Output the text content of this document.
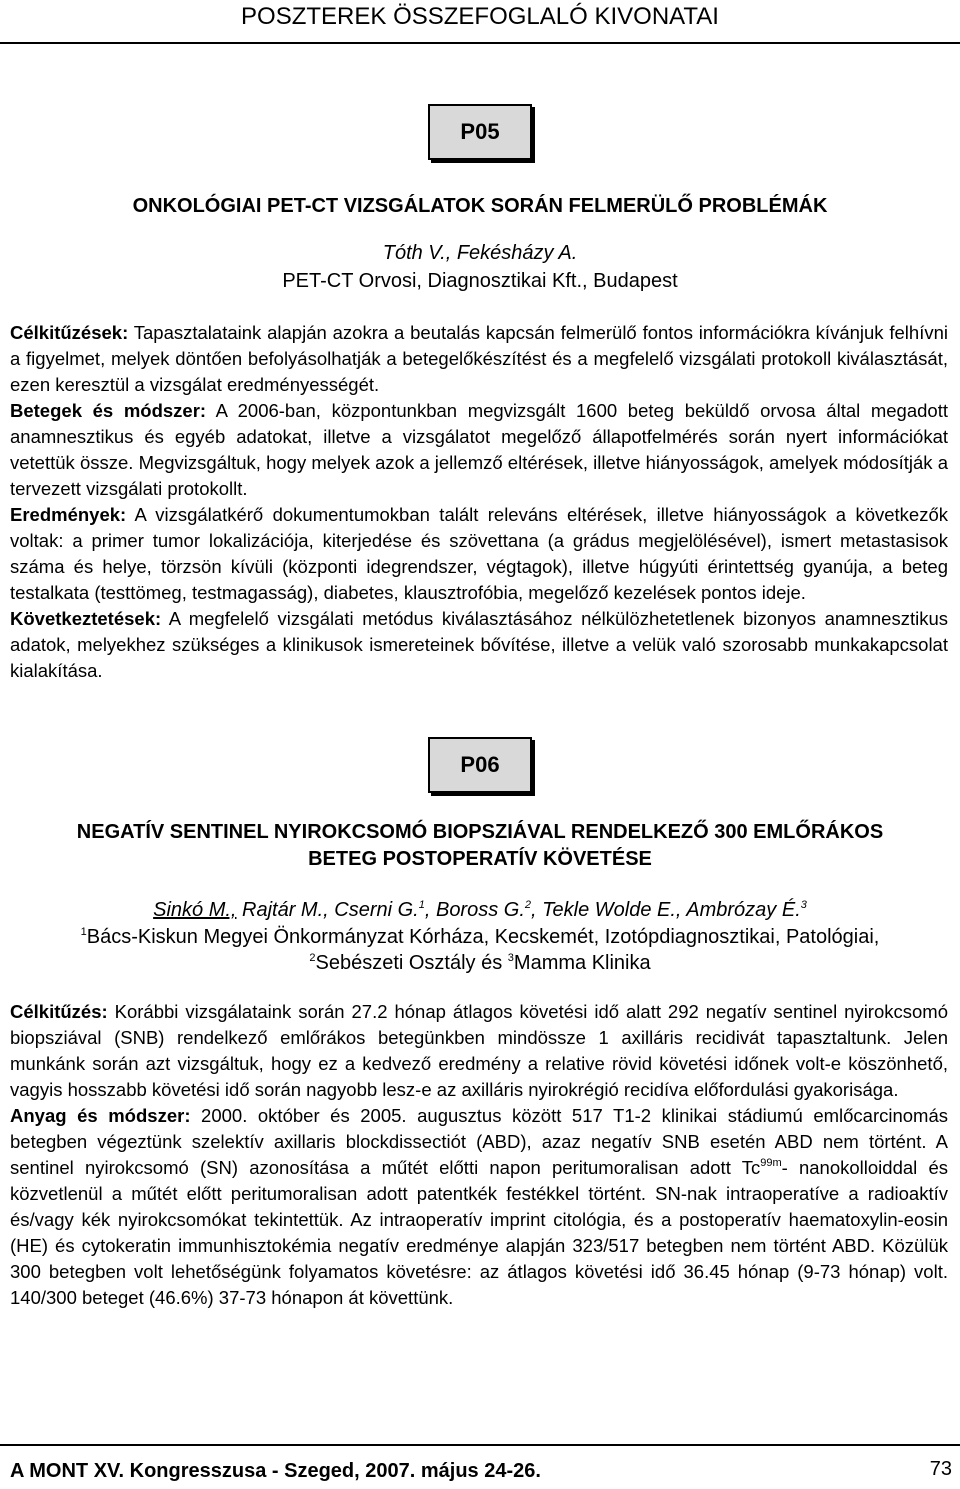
POSZTEREK ÖSSZEFOGLALÓ KIVONATAI
P05
ONKOLÓGIAI PET-CT VIZSGÁLATOK SORÁN FELMERÜLŐ PROBLÉMÁK
Tóth V., Fekésházy A.
PET-CT Orvosi, Diagnosztikai Kft., Budapest

Célkitűzések: Tapasztalataink alapján azokra a beutalás kapcsán felmerülő fontos információkra kívánjuk felhívni a figyelmet, melyek döntően befolyásolhatják a betegelőkészítést és a megfelelő vizsgálati protokoll kiválasztását, ezen keresztül a vizsgálat eredményességét.

Betegek és módszer: A 2006-ban, központunkban megvizsgált 1600 beteg beküldő orvosa által megadott anamnesztikus és egyéb adatokat, illetve a vizsgálatot megelőző állapotfelmérés során nyert információkat vetettük össze. Megvizsgáltuk, hogy melyek azok a jellemző eltérések, illetve hiányosságok, amelyek módosítják a tervezett vizsgálati protokollt.

Eredmények: A vizsgálatkérő dokumentumokban talált releváns eltérések, illetve hiányosságok a következők voltak: a primer tumor lokalizációja, kiterjedése és szövettana (a grádus megjelölésével), ismert metastasisok száma és helye, törzsön kívüli (központi idegrendszer, végtagok), illetve húgyúti érintettség gyanúja, a beteg testalkata (testtömeg, testmagasság), diabetes, klausztrofóbia, megelőző kezelések pontos ideje.

Következtetések: A megfelelő vizsgálati metódus kiválasztásához nélkülözhetetlenek bizonyos anamnesztikus adatok, melyekhez szükséges a klinikusok ismereteinek bővítése, illetve a velük való szorosabb munkakapcsolat kialakítása.

P06
NEGATÍV SENTINEL NYIROKCSOMÓ BIOPSZIÁVAL RENDELKEZŐ 300 EMLŐRÁKOS
BETEG POSTOPERATÍV KÖVETÉSE
Sinkó M., Rajtár M., Cserni G.$^1$, Boross G.$^2$, Tekle Wolde E., Ambrózay É.$^3$
$^1$Bács-Kiskun Megyei Önkormányzat Kórháza, Kecskemét, Izotópdiagnosztikai, Patológiai,
$^2$Sebészeti Osztály és $^3$Mamma Klinika

Célkitűzés: Korábbi vizsgálataink során 27.2 hónap átlagos követési idő alatt 292 negatív sentinel nyirokcsomó biopsziával (SNB) rendelkező emlőrákos betegünkben mindössze 1 axilláris recidivát tapasztaltunk. Jelen munkánk során azt vizsgáltuk, hogy ez a kedvező eredmény a relative rövid követési időnek volt-e köszönhető, vagyis hosszabb követési idő során nagyobb lesz-e az axilláris nyirokrégió recidíva előfordulási gyakorisága.

Anyag és módszer: 2000. október és 2005. augusztus között 517 T1-2 klinikai stádiumú emlőcarcinomás betegben végeztünk szelektív axillaris blockdissectiót (ABD), azaz negatív SNB esetén ABD nem történt. A sentinel nyirokcsomó (SN) azonosítása a műtét előtti napon peritumoralisan adott $Tc^{99m}-$ nanokolloiddal és közvetlenül a műtét előtt peritumoralisan adott patentkék festékkel történt. SN-nak intraoperatíve a radioaktív és/vagy kék nyirokcsomókat tekintettük. Az intraoperatív imprint citológia, és a postoperatív haematoxylin-eosin (HE) és cytokeratin immunhisztokémia negatív eredménye alapján 323/517 betegben nem történt ABD. Közülük 300 betegben volt lehetőségünk folyamatos követésre: az átlagos követési idő 36.45 hónap (9-73 hónap) volt. 140/300 beteget (46.6%) 37-73 hónapon át követtünk.

A MONT XV. Kongresszusa - Szeged, 2007. május 24-26.	73
